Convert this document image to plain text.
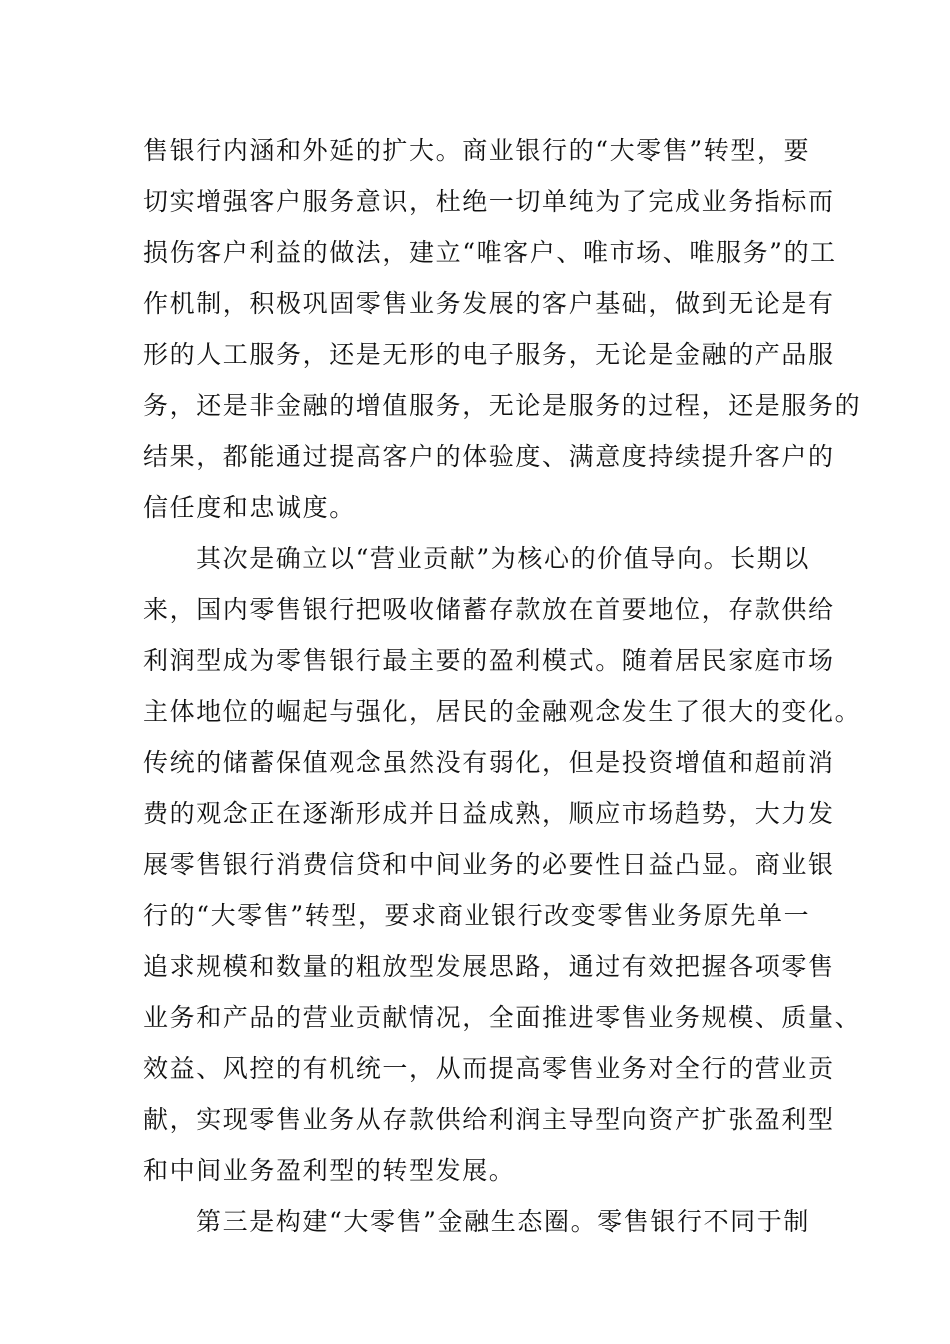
售银行内涵和外延的扩大。商业银行的“大零售”转型，要
切实增强客户服务意识，杜绝一切单纯为了完成业务指标而
损伤客户利益的做法，建立“唯客户、唯市场、唯服务”的工
作机制，积极巩固零售业务发展的客户基础，做到无论是有
形的人工服务，还是无形的电子服务，无论是金融的产品服
务，还是非金融的增值服务，无论是服务的过程，还是服务的
结果，都能通过提高客户的体验度、满意度持续提升客户的
信任度和忠诚度。
其次是确立以“营业贡献”为核心的价值导向。长期以
来，国内零售银行把吸收储蓄存款放在首要地位，存款供给
利润型成为零售银行最主要的盈利模式。随着居民家庭市场
主体地位的崛起与强化，居民的金融观念发生了很大的变化。
传统的储蓄保值观念虽然没有弱化，但是投资增值和超前消
费的观念正在逐渐形成并日益成熟，顺应市场趋势，大力发
展零售银行消费信贷和中间业务的必要性日益凸显。商业银
行的“大零售”转型，要求商业银行改变零售业务原先单一
追求规模和数量的粗放型发展思路，通过有效把握各项零售
业务和产品的营业贡献情况，全面推进零售业务规模、质量、
效益、风控的有机统一，从而提高零售业务对全行的营业贡
献，实现零售业务从存款供给利润主导型向资产扩张盈利型
和中间业务盈利型的转型发展。
第三是构建“大零售”金融生态圈。零售银行不同于制
